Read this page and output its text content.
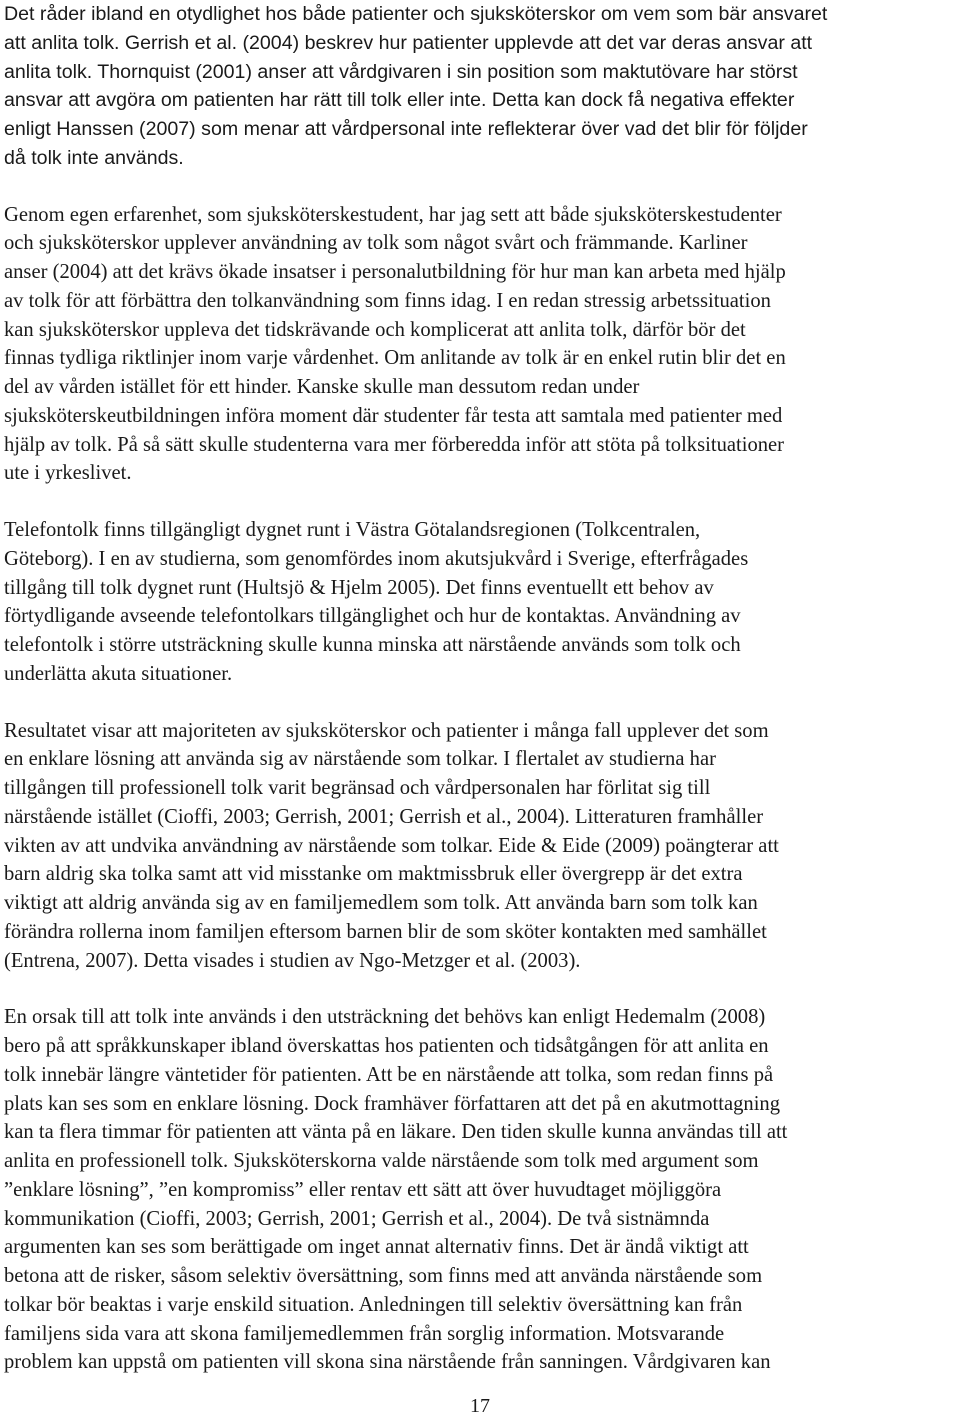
Det råder ibland en otydlighet hos både patienter och sjuksköterskor om vem som bär ansvaret
att anlita tolk. Gerrish et al. (2004) beskrev hur patienter upplevde att det var deras ansvar att
anlita tolk. Thornquist (2001) anser att vårdgivaren i sin position som maktutövare har störst
ansvar att avgöra om patienten har rätt till tolk eller inte. Detta kan dock få negativa effekter
enligt Hanssen (2007) som menar att vårdpersonal inte reflekterar över vad det blir för följder
då tolk inte används.
Genom egen erfarenhet, som sjuksköterskestudent, har jag sett att både sjuksköterskestudenter
och sjuksköterskor upplever användning av tolk som något svårt och främmande. Karliner
anser (2004) att det krävs ökade insatser i personalutbildning för hur man kan arbeta med hjälp
av tolk för att förbättra den tolkanvändning som finns idag. I en redan stressig arbetssituation
kan sjuksköterskor uppleva det tidskrävande och komplicerat att anlita tolk, därför bör det
finnas tydliga riktlinjer inom varje vårdenhet. Om anlitande av tolk är en enkel rutin blir det en
del av vården istället för ett hinder. Kanske skulle man dessutom redan under
sjuksköterskeutbildningen införa moment där studenter får testa att samtala med patienter med
hjälp av tolk. På så sätt skulle studenterna vara mer förberedda inför att stöta på tolksituationer
ute i yrkeslivet.
Telefontolk finns tillgängligt dygnet runt i Västra Götalandsregionen (Tolkcentralen,
Göteborg). I en av studierna, som genomfördes inom akutsjukvård i Sverige, efterfrågades
tillgång till tolk dygnet runt (Hultsjö & Hjelm 2005). Det finns eventuellt ett behov av
förtydligande avseende telefontolkars tillgänglighet och hur de kontaktas. Användning av
telefontolk i större utsträckning skulle kunna minska att närstående används som tolk och
underlätta akuta situationer.
Resultatet visar att majoriteten av sjuksköterskor och patienter i många fall upplever det som
en enklare lösning att använda sig av närstående som tolkar. I flertalet av studierna har
tillgången till professionell tolk varit begränsad och vårdpersonalen har förlitat sig till
närstående istället (Cioffi, 2003; Gerrish, 2001; Gerrish et al., 2004). Litteraturen framhåller
vikten av att undvika användning av närstående som tolkar. Eide & Eide (2009) poängterar att
barn aldrig ska tolka samt att vid misstanke om maktmissbruk eller övergrepp är det extra
viktigt att aldrig använda sig av en familjemedlem som tolk. Att använda barn som tolk kan
förändra rollerna inom familjen eftersom barnen blir de som sköter kontakten med samhället
(Entrena, 2007). Detta visades i studien av Ngo-Metzger et al. (2003).
En orsak till att tolk inte används i den utsträckning det behövs kan enligt Hedemalm (2008)
bero på att språkkunskaper ibland överskattas hos patienten och tidsåtgången för att anlita en
tolk innebär längre väntetider för patienten. Att be en närstående att tolka, som redan finns på
plats kan ses som en enklare lösning. Dock framhäver författaren att det på en akutmottagning
kan ta flera timmar för patienten att vänta på en läkare. Den tiden skulle kunna användas till att
anlita en professionell tolk. Sjuksköterskorna valde närstående som tolk med argument som
”enklare lösning”, ”en kompromiss” eller rentav ett sätt att över huvudtaget möjliggöra
kommunikation (Cioffi, 2003; Gerrish, 2001; Gerrish et al., 2004). De två sistnämnda
argumenten kan ses som berättigade om inget annat alternativ finns. Det är ändå viktigt att
betona att de risker, såsom selektiv översättning, som finns med att använda närstående som
tolkar bör beaktas i varje enskild situation. Anledningen till selektiv översättning kan från
familjens sida vara att skona familjemedlemmen från sorglig information. Motsvarande
problem kan uppstå om patienten vill skona sina närstående från sanningen. Vårdgivaren kan
17
